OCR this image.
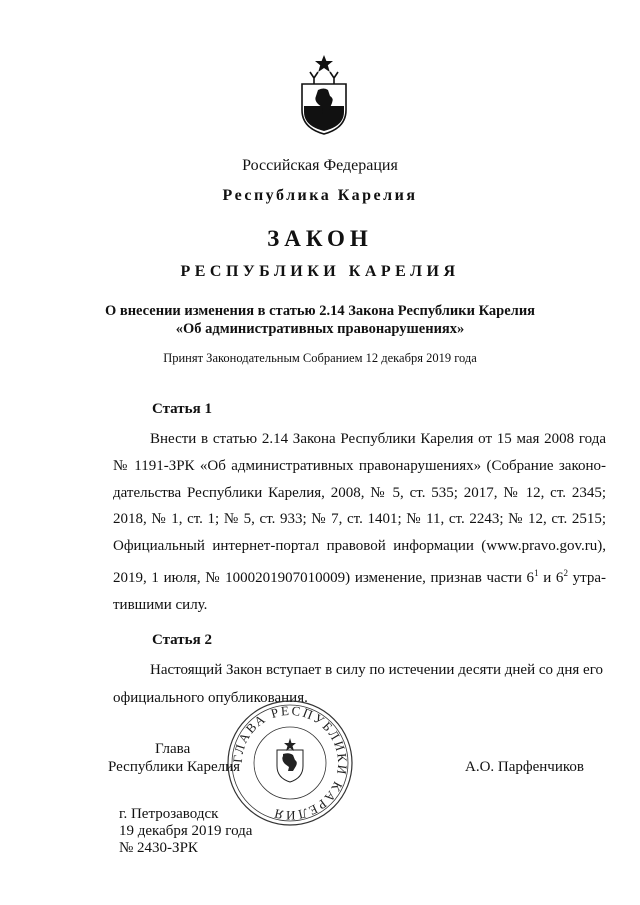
Российская Федерация
Республика Карелия
ЗАКОН
РЕСПУБЛИКИ КАРЕЛИЯ
О внесении изменения в статью 2.14 Закона Республики Карелия
«Об административных правонарушениях»
Принят Законодательным Собранием 12 декабря 2019 года
Статья 1
Внести в статью 2.14 Закона Республики Карелия от 15 мая 2008 года
№ 1191-ЗРК «Об административных правонарушениях» (Собрание законо-
дательства Республики Карелия, 2008, № 5, ст. 535; 2017, № 12, ст. 2345;
2018, № 1, ст. 1; № 5, ст. 933; № 7, ст. 1401; № 11, ст. 2243; № 12, ст. 2515;
Официальный интернет-портал правовой информации (www.pravo.gov.ru),
2019, 1 июля, № 1000201907010009) изменение, признав части $6^1$ и $6^2$ утра-
тившими силу.
Статья 2
Настоящий Закон вступает в силу по истечении десяти дней со дня его
официального опубликования.
ГЛАВА РЕСПУБЛИКИ КАРЕЛИЯ
Глава
Республики Карелия	А.О. Парфенчиков
г. Петрозаводск
19 декабря 2019 года
№ 2430-ЗРК
